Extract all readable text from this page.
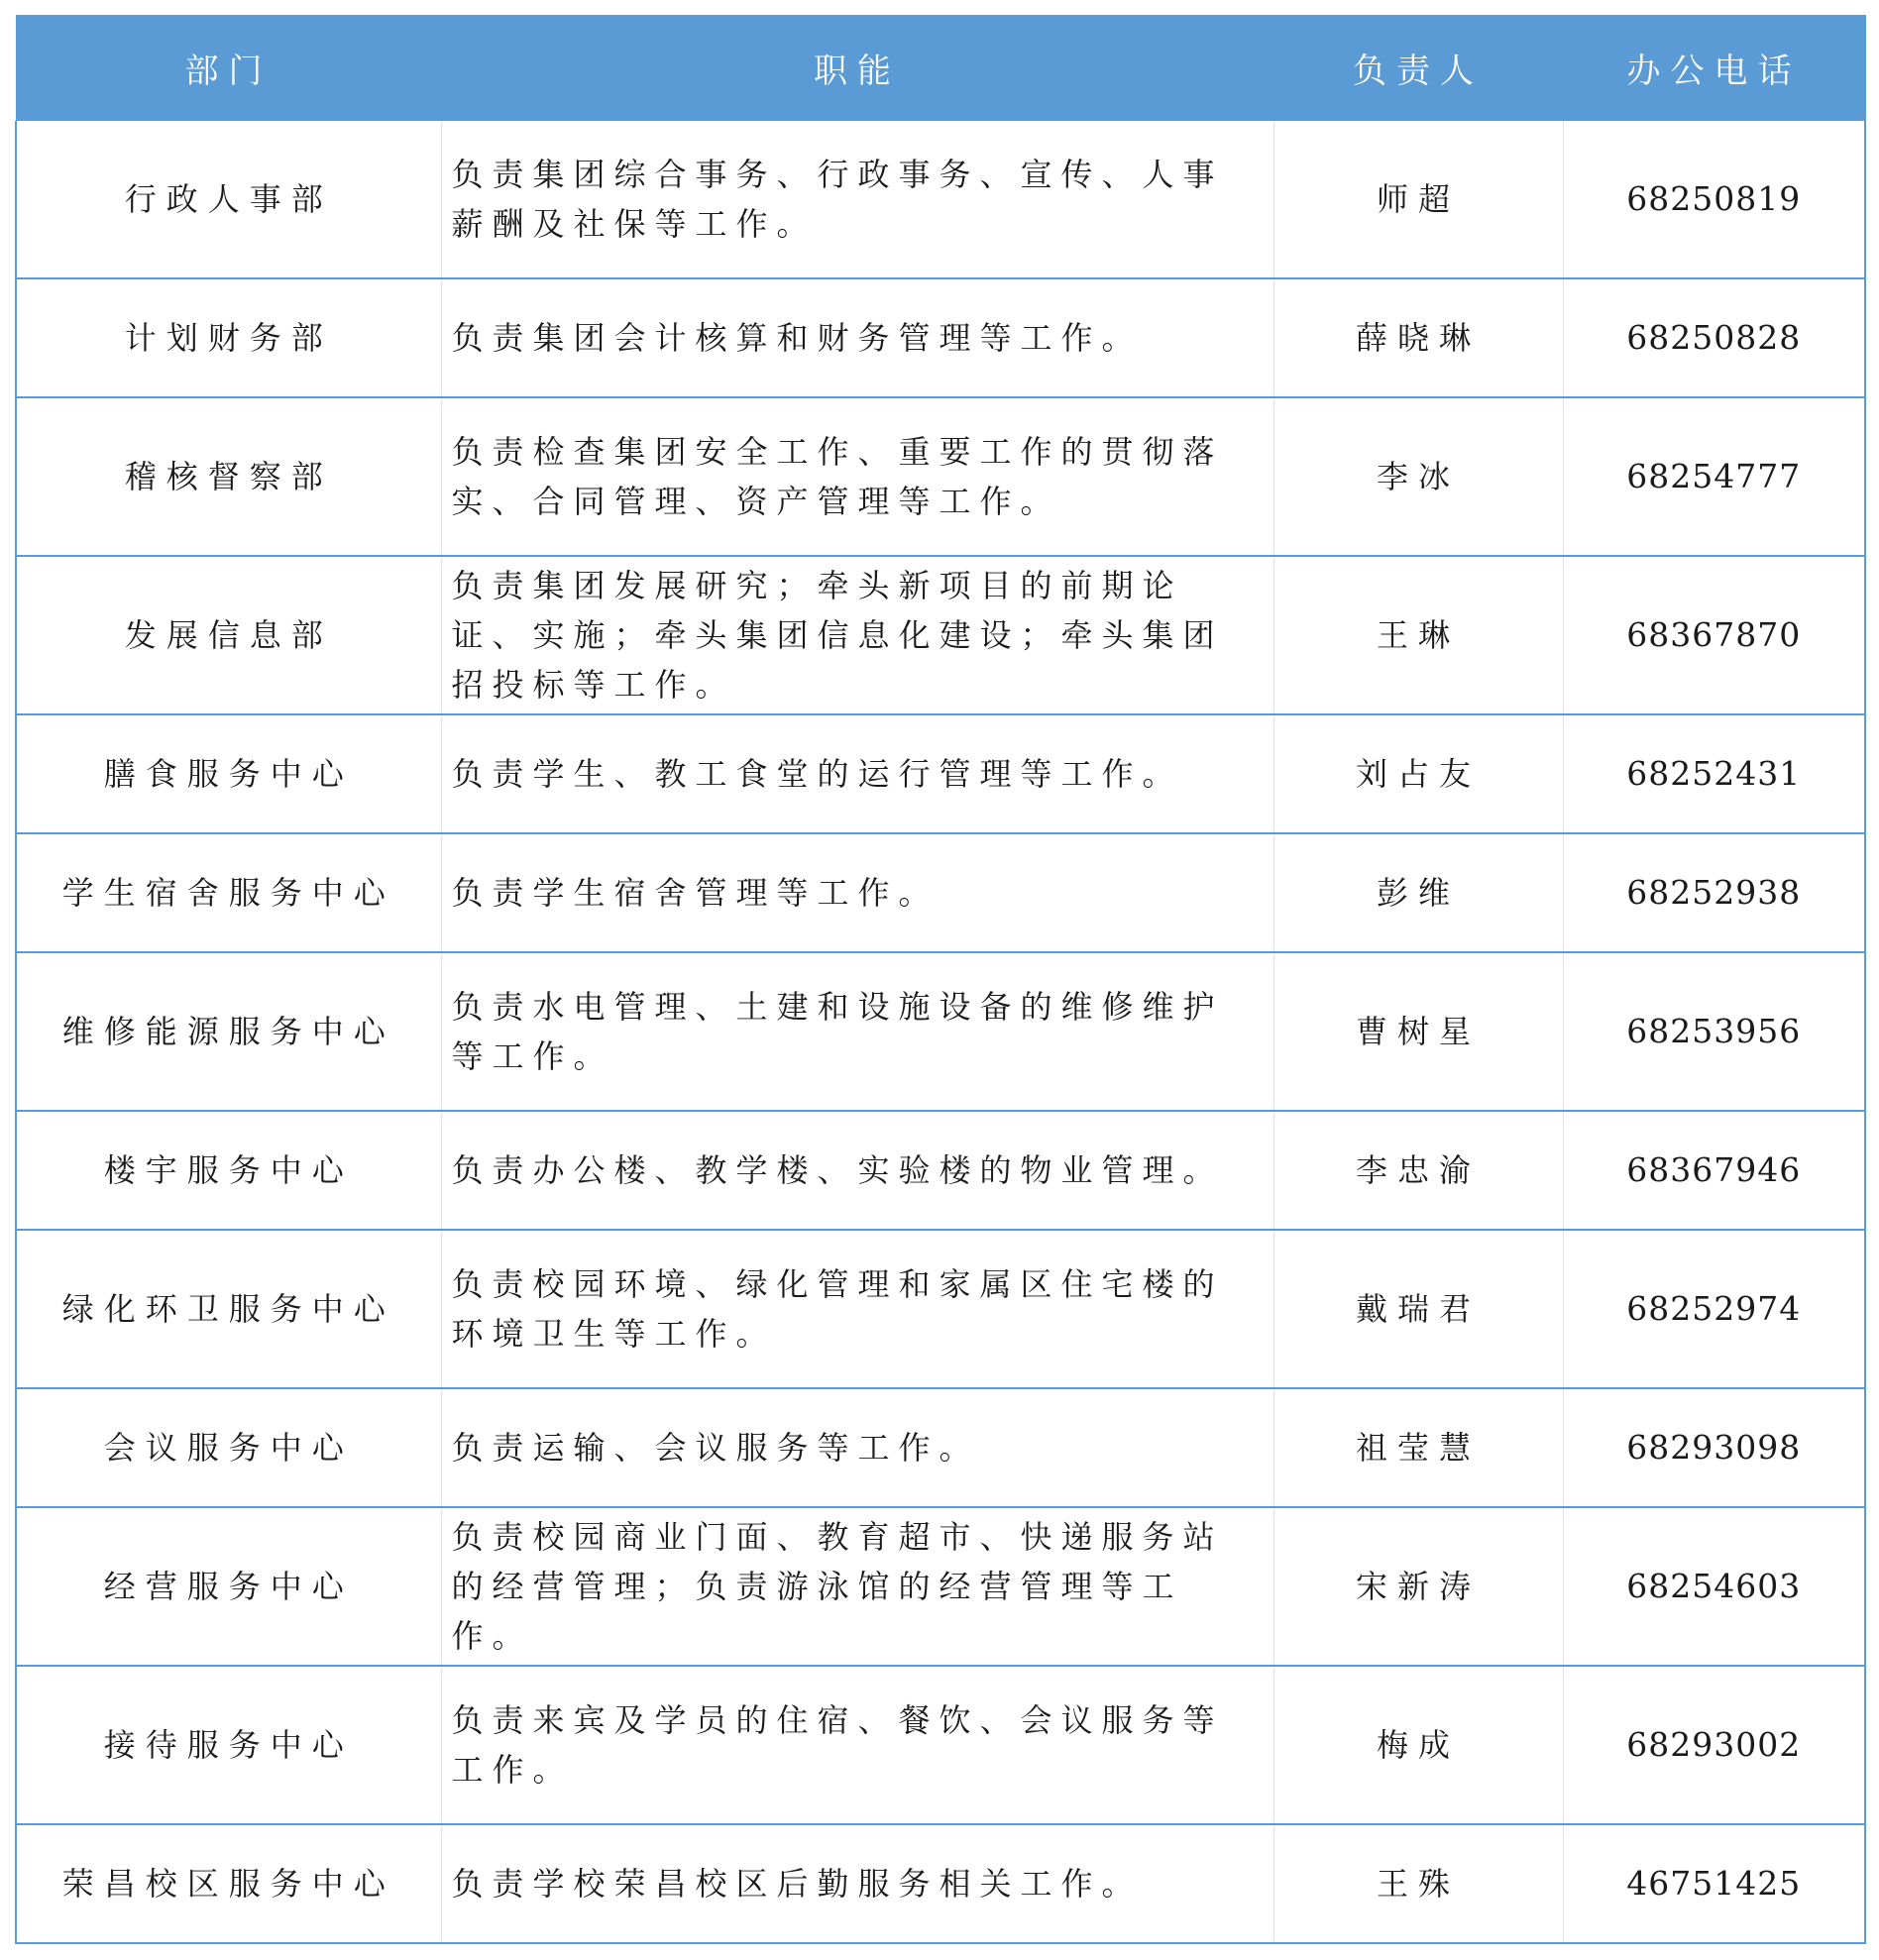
部门	职能	负责人	办公电话
行政人事部	负责集团综合事务、行政事务、宣传、人事薪酬及社保等工作。	师超	68250819
计划财务部	负责集团会计核算和财务管理等工作。	薛晓琳	68250828
稽核督察部	负责检查集团安全工作、重要工作的贯彻落实、合同管理、资产管理等工作。	李冰	68254777
发展信息部	负责集团发展研究；牵头新项目的前期论证、实施；牵头集团信息化建设；牵头集团招投标等工作。	王琳	68367870
膳食服务中心	负责学生、教工食堂的运行管理等工作。	刘占友	68252431
学生宿舍服务中心	负责学生宿舍管理等工作。	彭维	68252938
维修能源服务中心	负责水电管理、土建和设施设备的维修维护等工作。	曹树星	68253956
楼宇服务中心	负责办公楼、教学楼、实验楼的物业管理。	李忠渝	68367946
绿化环卫服务中心	负责校园环境、绿化管理和家属区住宅楼的环境卫生等工作。	戴瑞君	68252974
会议服务中心	负责运输、会议服务等工作。	祖莹慧	68293098
经营服务中心	负责校园商业门面、教育超市、快递服务站的经营管理；负责游泳馆的经营管理等工作。	宋新涛	68254603
接待服务中心	负责来宾及学员的住宿、餐饮、会议服务等工作。	梅成	68293002
荣昌校区服务中心	负责学校荣昌校区后勤服务相关工作。	王殊	46751425
